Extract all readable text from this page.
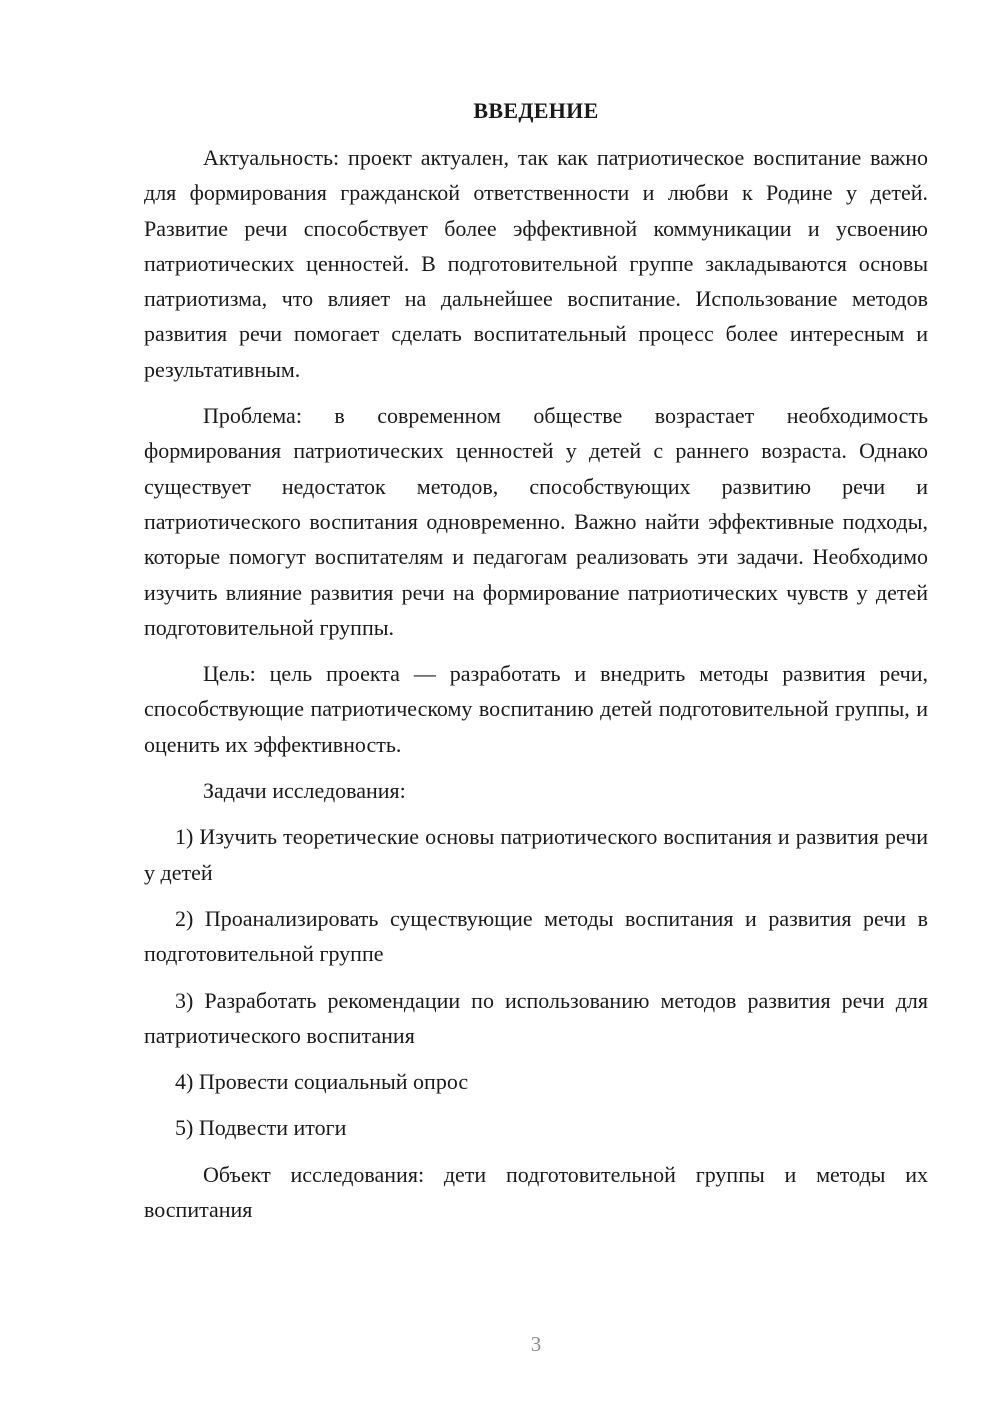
ВВЕДЕНИЕ

Актуальность: проект актуален, так как патриотическое воспитание важно для формирования гражданской ответственности и любви к Родине у детей. Развитие речи способствует более эффективной коммуникации и усвоению патриотических ценностей. В подготовительной группе закладываются основы патриотизма, что влияет на дальнейшее воспитание. Использование методов развития речи помогает сделать воспитательный процесс более интересным и результативным.

Проблема: в современном обществе возрастает необходимость формирования патриотических ценностей у детей с раннего возраста. Однако существует недостаток методов, способствующих развитию речи и патриотического воспитания одновременно. Важно найти эффективные подходы, которые помогут воспитателям и педагогам реализовать эти задачи. Необходимо изучить влияние развития речи на формирование патриотических чувств у детей подготовительной группы.

Цель: цель проекта — разработать и внедрить методы развития речи, способствующие патриотическому воспитанию детей подготовительной группы, и оценить их эффективность.

Задачи исследования:

1) Изучить теоретические основы патриотического воспитания и развития речи у детей

2) Проанализировать существующие методы воспитания и развития речи в подготовительной группе

3) Разработать рекомендации по использованию методов развития речи для патриотического воспитания

4) Провести социальный опрос

5) Подвести итоги

Объект исследования: дети подготовительной группы и методы их воспитания

3
